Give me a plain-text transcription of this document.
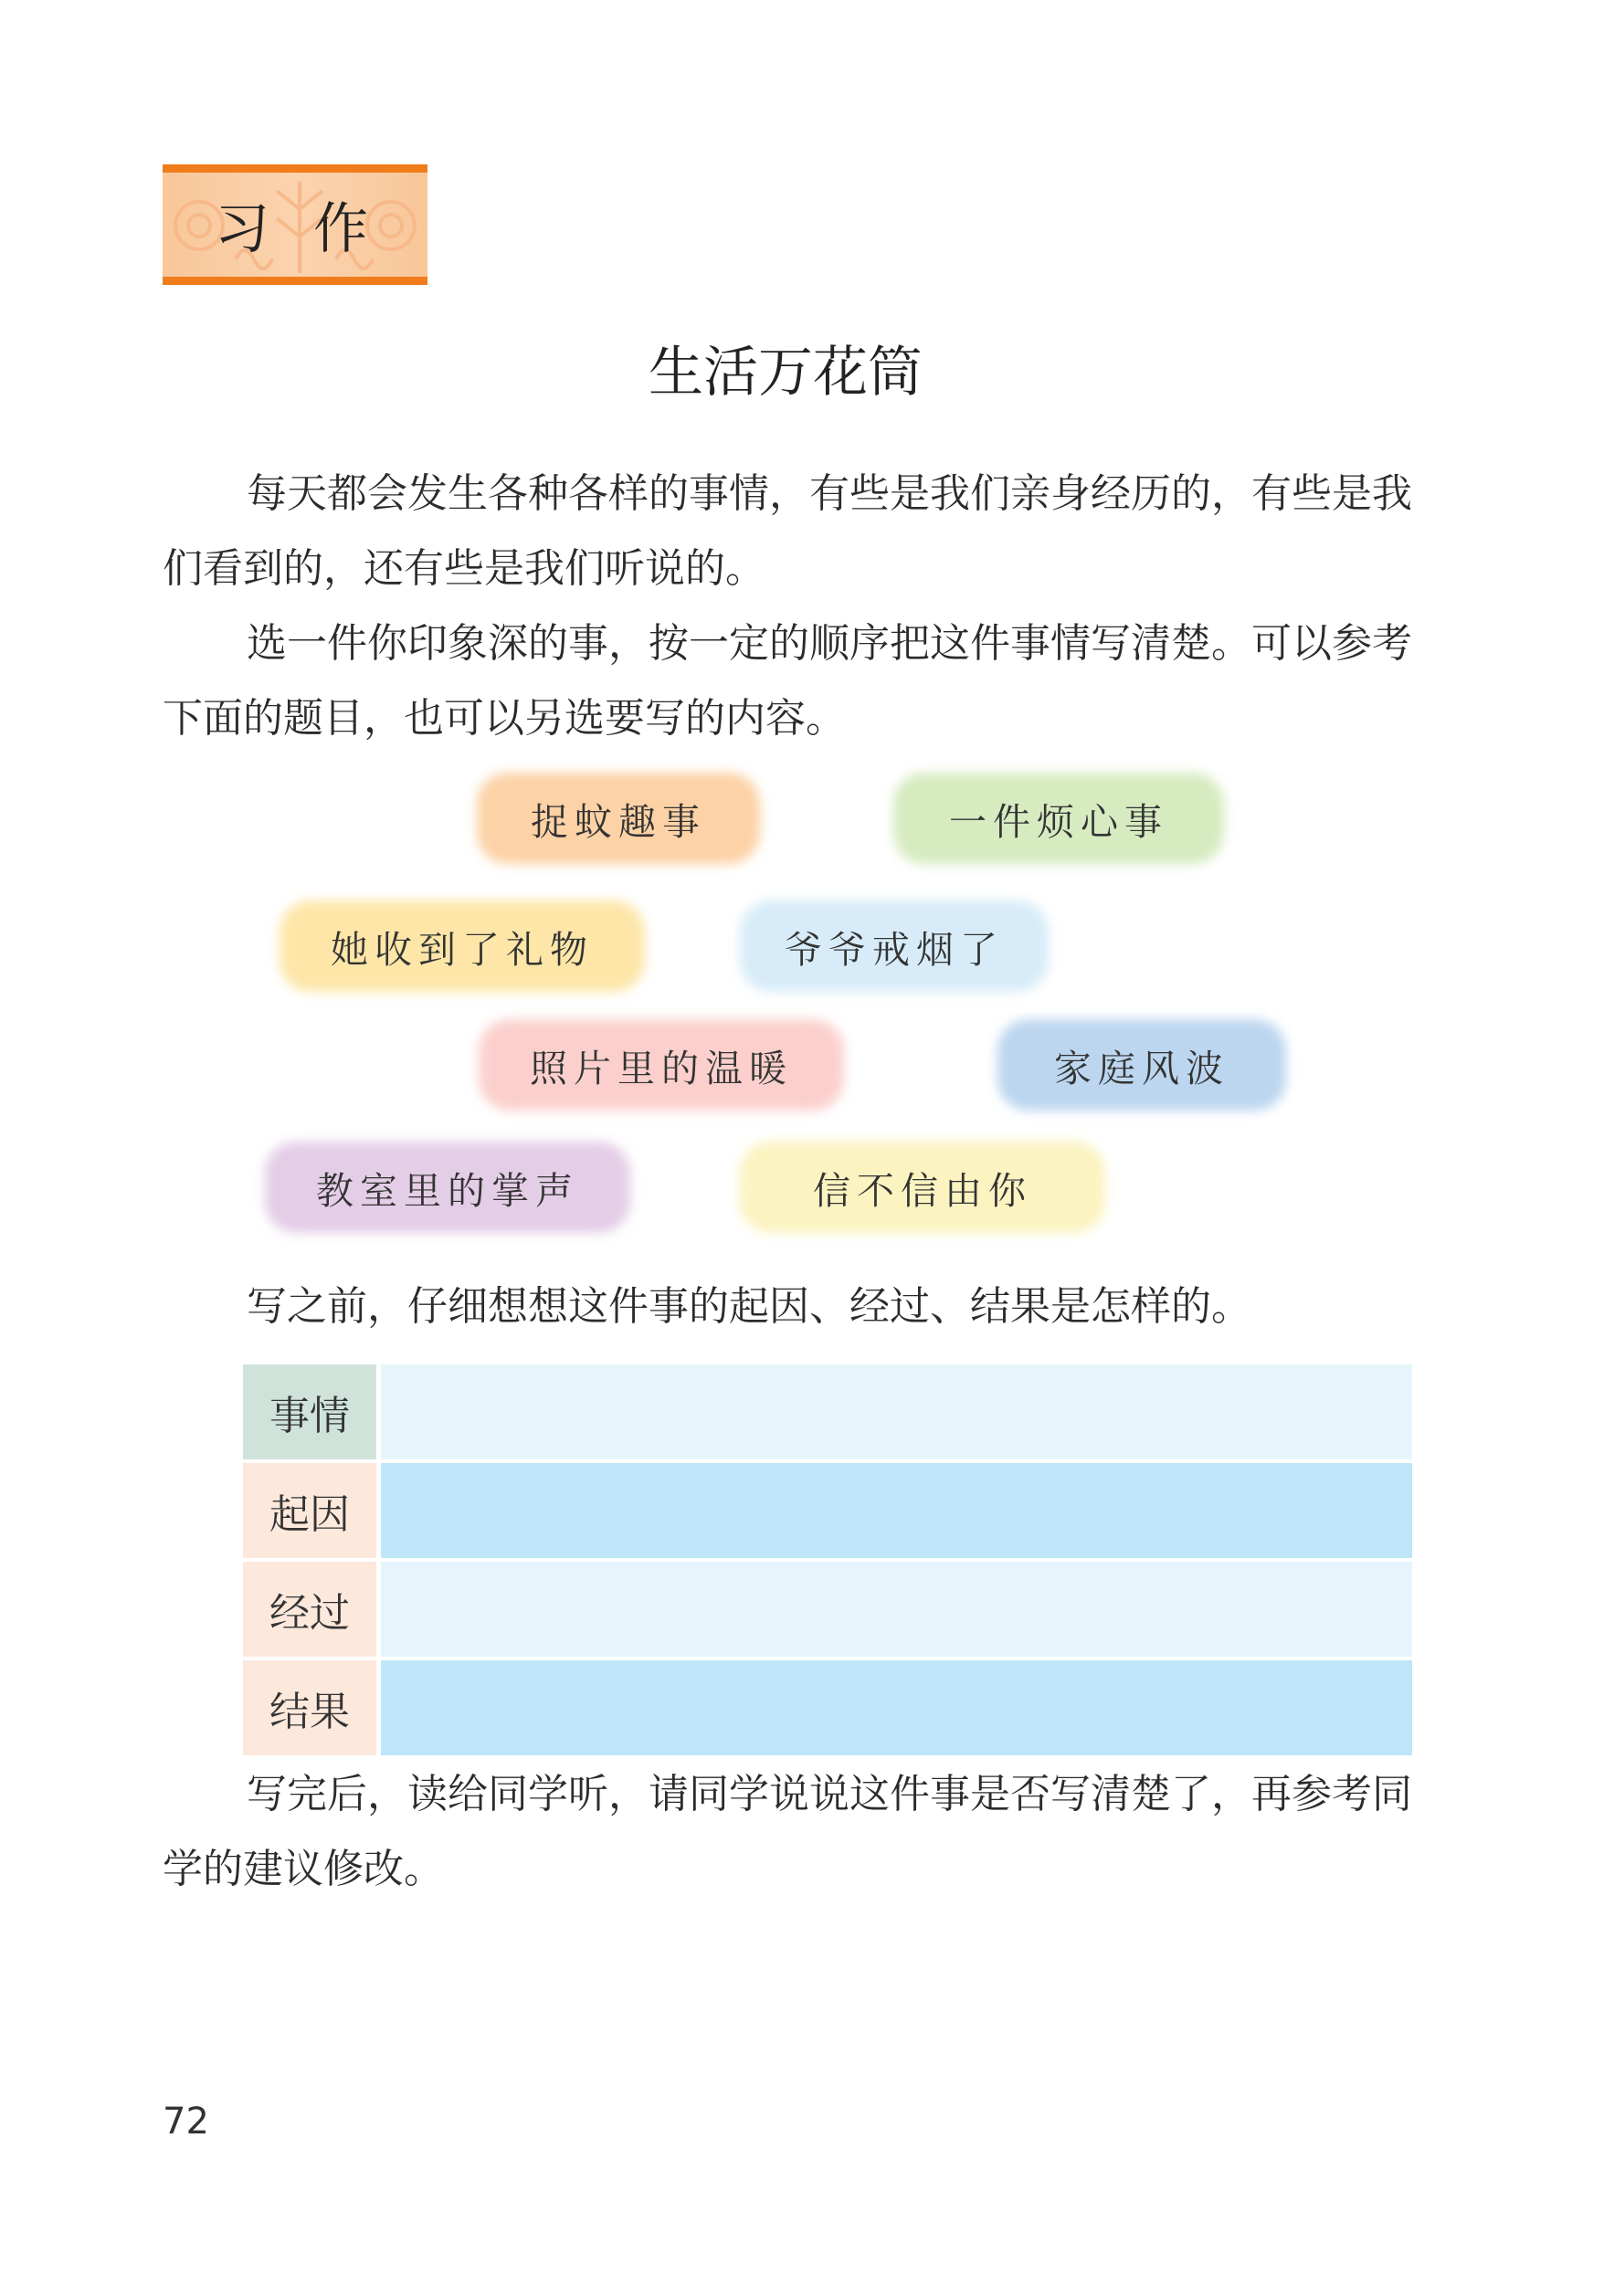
习作
生活万花筒

每天都会发生各种各样的事情，有些是我们亲身经历的，有些是我们看到的，还有些是我们听说的。

选一件你印象深的事，按一定的顺序把这件事情写清楚。可以参考下面的题目，也可以另选要写的内容。

捉蚊趣事	一件烦心事
她收到了礼物	爷爷戒烟了
照片里的温暖	家庭风波
教室里的掌声	信不信由你

写之前，仔细想想这件事的起因、经过、结果是怎样的。

事情	
起因	
经过	
结果	

写完后，读给同学听，请同学说说这件事是否写清楚了，再参考同学的建议修改。

72
